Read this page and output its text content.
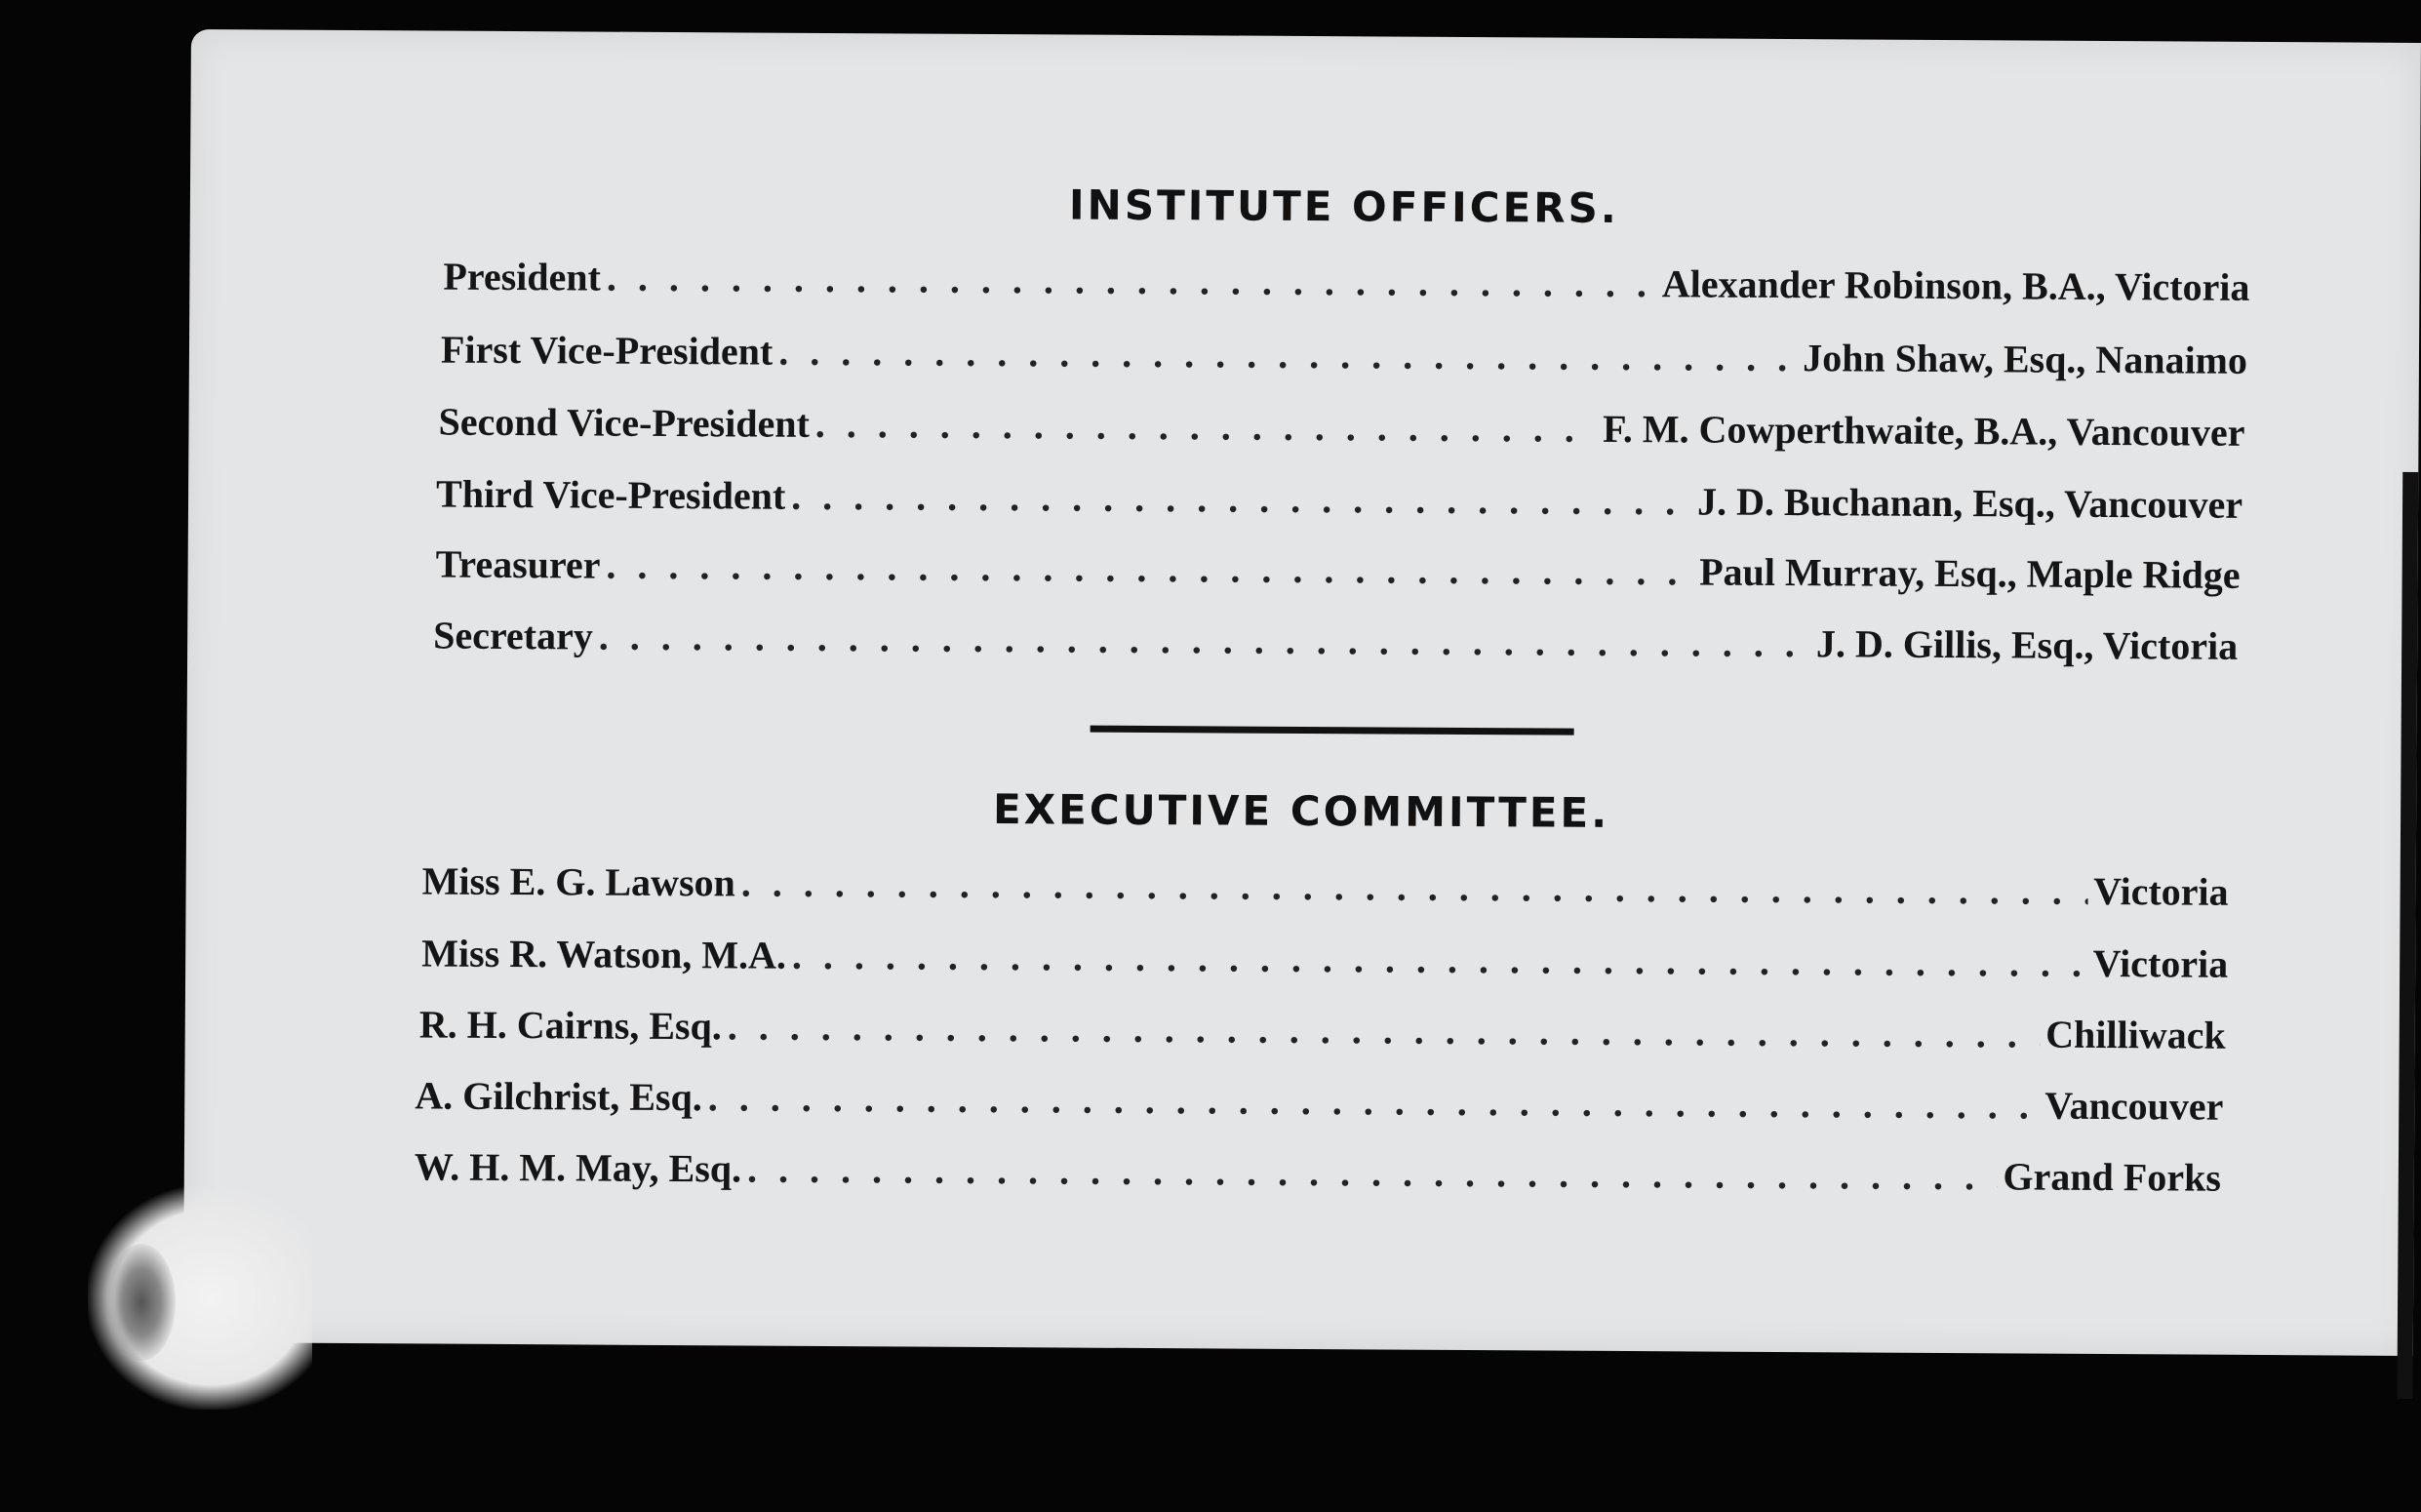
INSTITUTE OFFICERS.
President . . .	Alexander Robinson, B.A., Victoria
First Vice-President . . .	John Shaw, Esq., Nanaimo
Second Vice-President . . .	F. M. Cowperthwaite, B.A., Vancouver
Third Vice-President . . .	J. D. Buchanan, Esq., Vancouver
Treasurer . . .	Paul Murray, Esq., Maple Ridge
Secretary . . .	J. D. Gillis, Esq., Victoria
EXECUTIVE COMMITTEE.
Miss E. G. Lawson . . .	Victoria
Miss R. Watson, M.A. . . .	Victoria
R. H. Cairns, Esq. . . .	Chilliwack
A. Gilchrist, Esq. . . .	Vancouver
W. H. M. May, Esq. . . .	Grand Forks
